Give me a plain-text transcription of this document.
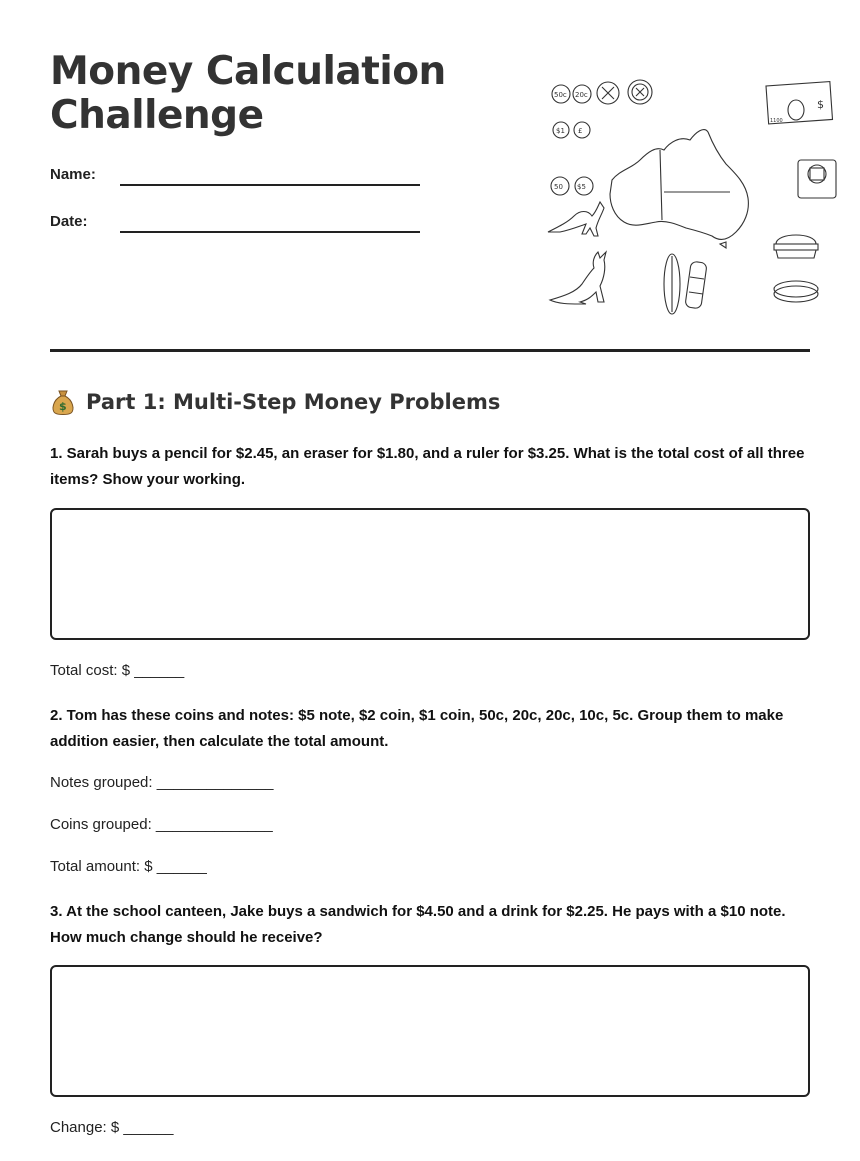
Money Calculation
Challenge
Name:
Date:
50c 20c
$
1100
$1 £
50 $5
$ Part 1: Multi-Step Money Problems

1. Sarah buys a pencil for $2.45, an eraser for $1.80, and a ruler for $3.25. What is the total cost of all three items? Show your working.

Total cost: $ ______

2. Tom has these coins and notes: $5 note, $2 coin, $1 coin, 50c, 20c, 20c, 10c, 5c. Group them to make addition easier, then calculate the total amount.

Notes grouped: ______________
Coins grouped: ______________
Total amount: $ ______

3. At the school canteen, Jake buys a sandwich for $4.50 and a drink for $2.25. He pays with a $10 note. How much change should he receive?

Change: $ ______
